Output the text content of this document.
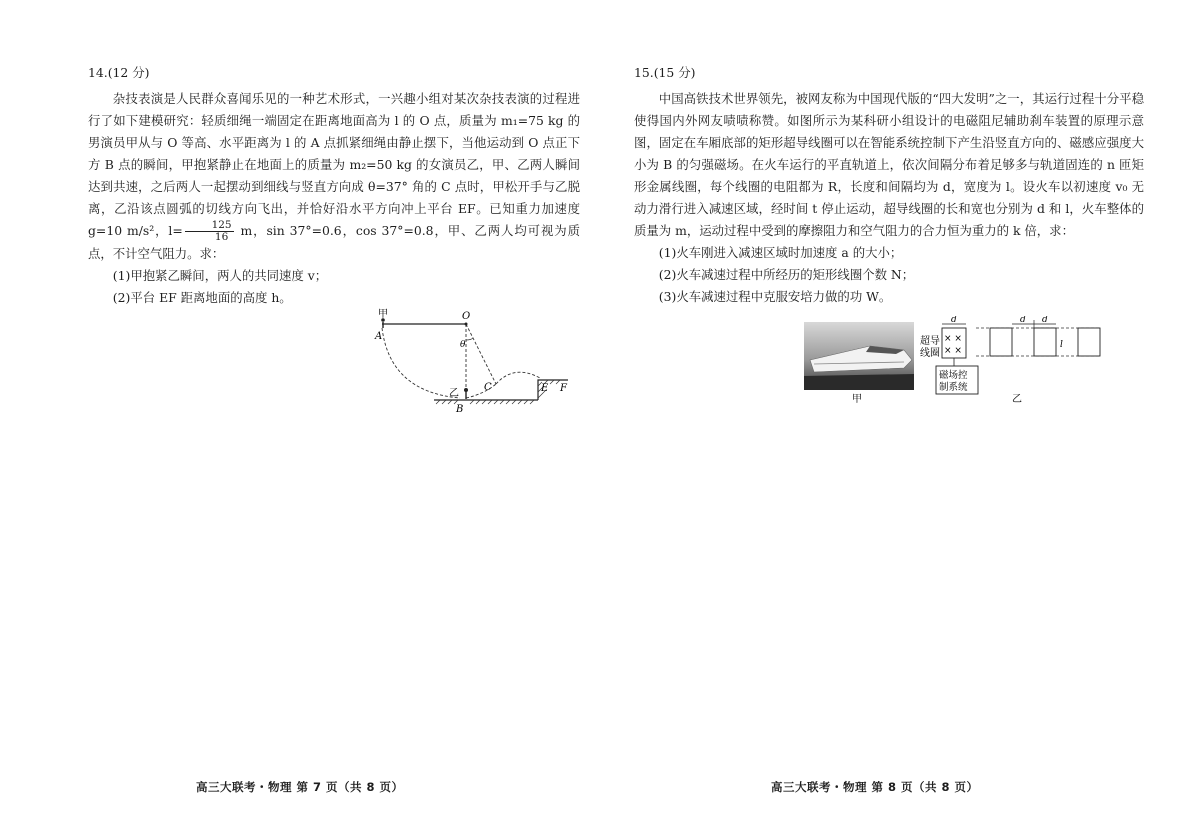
14.(12 分)

杂技表演是人民群众喜闻乐见的一种艺术形式，一兴趣小组对某次杂技表演的过程进行了如下建模研究：轻质细绳一端固定在距离地面高为 l 的 O 点，质量为 m₁=75 kg 的男演员甲从与 O 等高、水平距离为 l 的 A 点抓紧细绳由静止摆下，当他运动到 O 点正下方 B 点的瞬间，甲抱紧静止在地面上的质量为 m₂=50 kg 的女演员乙，甲、乙两人瞬间达到共速，之后两人一起摆动到细线与竖直方向成 θ=37° 角的 C 点时，甲松开手与乙脱离，乙沿该点圆弧的切线方向飞出，并恰好沿水平方向冲上平台 EF。已知重力加速度 g=10 m/s²，$l= \frac{125}{16}$ m，sin 37°=0.6，cos 37°=0.8，甲、乙两人均可视为质点，不计空气阻力。求：

(1)甲抱紧乙瞬间，两人的共同速度 v；

(2)平台 EF 距离地面的高度 h。

甲
A
O
θ
乙
B
C	E F

15.(15 分)

中国高铁技术世界领先，被网友称为中国现代版的“四大发明”之一，其运行过程十分平稳使得国内外网友啧啧称赞。如图所示为某科研小组设计的电磁阻尼辅助刹车装置的原理示意图，固定在车厢底部的矩形超导线圈可以在智能系统控制下产生沿竖直方向的、磁感应强度大小为 B 的匀强磁场。在火车运行的平直轨道上，依次间隔分布着足够多与轨道固连的 n 匝矩形金属线圈，每个线圈的电阻都为 R，长度和间隔均为 d，宽度为 l。设火车以初速度 v₀ 无动力滑行进入减速区域，经时间 t 停止运动，超导线圈的长和宽也分别为 d 和 l，火车整体的质量为 m，运动过程中受到的摩擦阻力和空气阻力的合力恒为重力的 k 倍，求：

(1)火车刚进入减速区域时加速度 a 的大小；

(2)火车减速过程中所经历的矩形线圈个数 N；

(3)火车减速过程中克服安培力做的功 W。

超导
线圈
× ×
× ×
d
磁场控
制系统
甲
d d
l
乙
高三大联考・物理 第 7 页（共 8 页）	高三大联考・物理 第 8 页（共 8 页）
